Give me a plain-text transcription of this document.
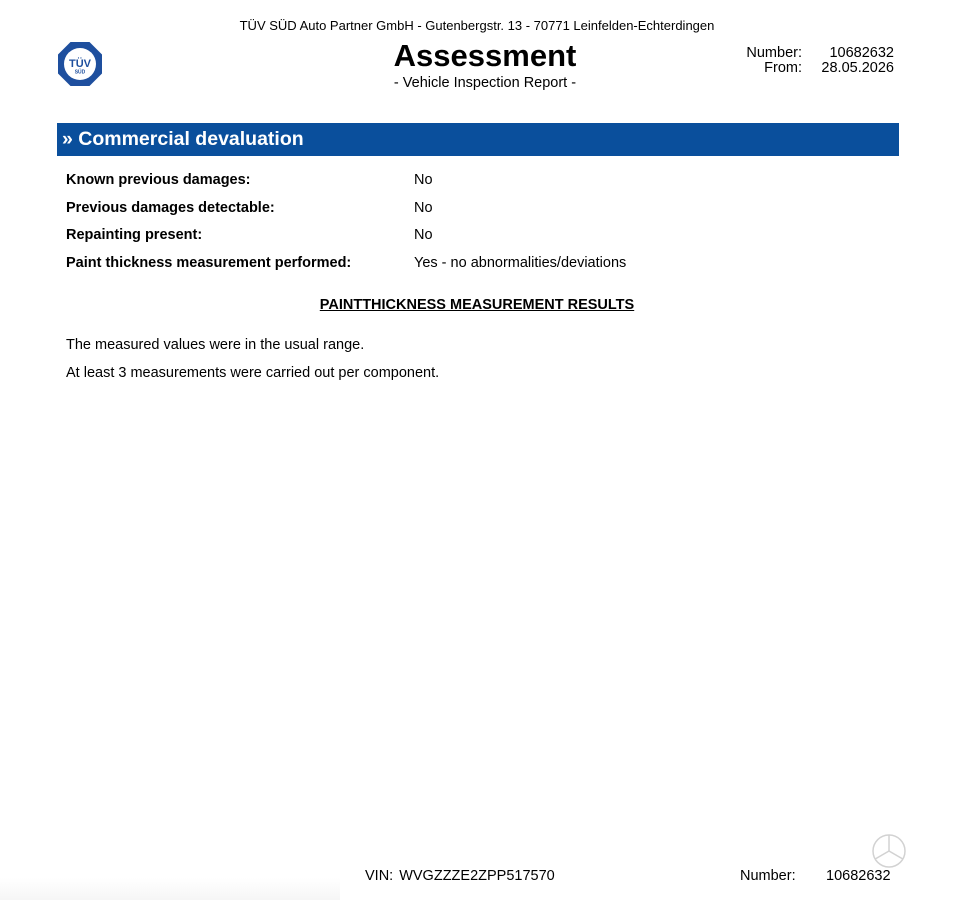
TÜV SÜD Auto Partner GmbH - Gutenbergstr. 13 - 70771 Leinfelden-Echterdingen
TÜV
SÜD	Assessment
- Vehicle Inspection Report -
Number:	10682632
From: 28.05.2026
» Commercial devaluation
Known previous damages:	No
Previous damages detectable:	No
Repainting present:	No
Paint thickness measurement performed:	Yes - no abnormalities/deviations
PAINTTHICKNESS MEASUREMENT RESULTS
The measured values were in the usual range.
At least 3 measurements were carried out per component.
VIN: WVGZZZE2ZPP517570	Number: 10682632
